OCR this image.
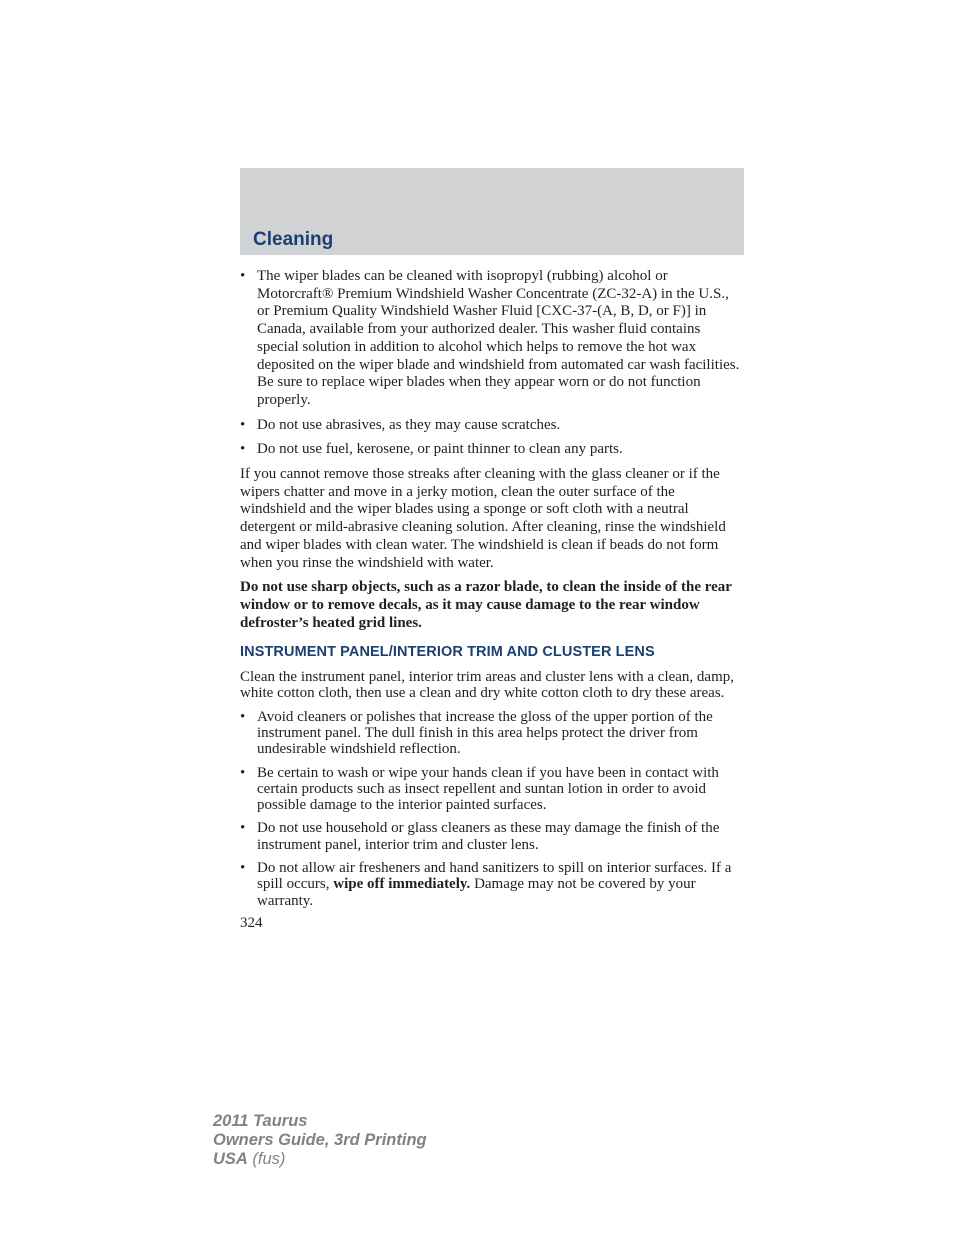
Cleaning
• The wiper blades can be cleaned with isopropyl (rubbing) alcohol or Motorcraft® Premium Windshield Washer Concentrate (ZC-32-A) in the U.S., or Premium Quality Windshield Washer Fluid [CXC-37-(A, B, D, or F)] in Canada, available from your authorized dealer. This washer fluid contains special solution in addition to alcohol which helps to remove the hot wax deposited on the wiper blade and windshield from automated car wash facilities. Be sure to replace wiper blades when they appear worn or do not function properly.
• Do not use abrasives, as they may cause scratches.
• Do not use fuel, kerosene, or paint thinner to clean any parts.

If you cannot remove those streaks after cleaning with the glass cleaner or if the wipers chatter and move in a jerky motion, clean the outer surface of the windshield and the wiper blades using a sponge or soft cloth with a neutral detergent or mild-abrasive cleaning solution. After cleaning, rinse the windshield and wiper blades with clean water. The windshield is clean if beads do not form when you rinse the windshield with water.

Do not use sharp objects, such as a razor blade, to clean the inside of the rear window or to remove decals, as it may cause damage to the rear window defroster’s heated grid lines.

INSTRUMENT PANEL/INTERIOR TRIM AND CLUSTER LENS

Clean the instrument panel, interior trim areas and cluster lens with a clean, damp, white cotton cloth, then use a clean and dry white cotton cloth to dry these areas.

• Avoid cleaners or polishes that increase the gloss of the upper portion of the instrument panel. The dull finish in this area helps protect the driver from undesirable windshield reflection.
• Be certain to wash or wipe your hands clean if you have been in contact with certain products such as insect repellent and suntan lotion in order to avoid possible damage to the interior painted surfaces.
• Do not use household or glass cleaners as these may damage the finish of the instrument panel, interior trim and cluster lens.
• Do not allow air fresheners and hand sanitizers to spill on interior surfaces. If a spill occurs, wipe off immediately. Damage may not be covered by your warranty.
324
2011 Taurus
Owners Guide, 3rd Printing
USA (fus)
